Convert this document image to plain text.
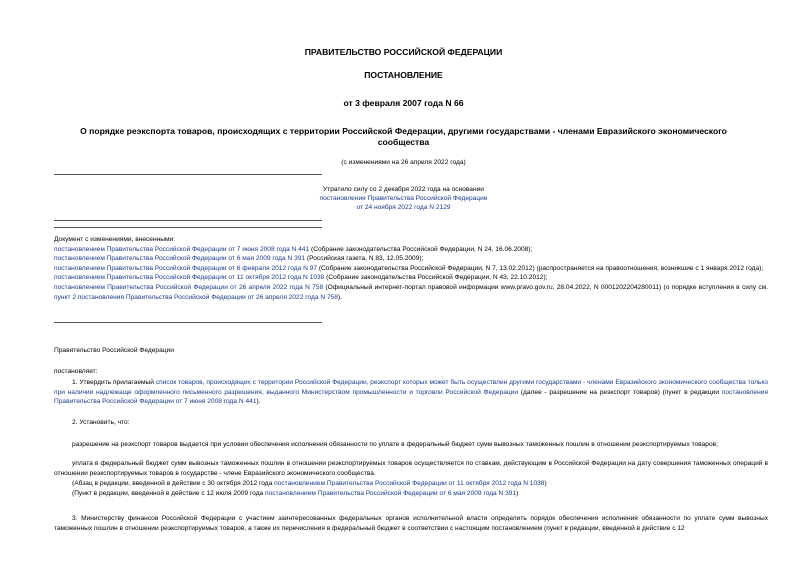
ПРАВИТЕЛЬСТВО РОССИЙСКОЙ ФЕДЕРАЦИИ
ПОСТАНОВЛЕНИЕ
от 3 февраля 2007 года N 66
О порядке реэкспорта товаров, происходящих с территории Российской Федерации, другими государствами - членами Евразийского экономического
сообщества
(с изменениями на 26 апреля 2022 года)
Утратило силу со 2 декабря 2022 года на основании
постановления Правительства Российской Федерации
от 24 ноября 2022 года N 2129
Документ с изменениями, внесенными:
постановлением Правительства Российской Федерации от 7 июня 2008 года N 441 (Собрание законодательства Российской Федерации, N 24, 16.06.2008);
постановлением Правительства Российской Федерации от 6 мая 2009 года N 391 (Российская газета, N 83, 12.05.2009);
постановлением Правительства Российской Федерации от 6 февраля 2012 года N 97 (Собрание законодательства Российской Федерации, N 7, 13.02.2012) (распространяется на правоотношения, возникшие с 1 января 2012 года);
постановлением Правительства Российской Федерации от 11 октября 2012 года N 1038 (Собрание законодательства Российской Федерации, N 43, 22.10.2012);
постановлением Правительства Российской Федерации от 26 апреля 2022 года N 758 (Официальный интернет-портал правовой информации www.pravo.gov.ru, 28.04.2022, N 0001202204280011) (о порядке вступления в силу см. пункт 2 постановления Правительства Российской Федерации от 26 апреля 2022 года N 758).
Правительство Российской Федерации
постановляет:
1. Утвердить прилагаемый список товаров, происходящих с территории Российской Федерации, реэкспорт которых может быть осуществлен другими государствами - членами Евразийского экономического сообщества только при наличии надлежаще оформленного письменного разрешения, выданного Министерством промышленности и торговли Российской Федерации (далее - разрешение на реэкспорт товаров) (пункт в редакции постановления Правительства Российской Федерации от 7 июня 2008 года N 441).
2. Установить, что:
разрешение на реэкспорт товаров выдается при условии обеспечения исполнения обязанности по уплате в федеральный бюджет сумм вывозных таможенных пошлин в отношении реэкспортируемых товаров;
уплата в федеральный бюджет сумм вывозных таможенных пошлин в отношении реэкспортируемых товаров осуществляется по ставкам, действующим в Российской Федерации на дату совершения таможенных операций в отношении реэкспортируемых товаров в государстве - члене Евразийского экономического сообщества.
(Абзац в редакции, введенной в действие с 30 октября 2012 года постановлением Правительства Российской Федерации от 11 октября 2012 года N 1038)
(Пункт в редакции, введенной в действие с 12 июля 2009 года постановлением Правительства Российской Федерации от 6 мая 2009 года N 391)
3. Министерству финансов Российской Федерации с участием заинтересованных федеральных органов исполнительной власти определить порядок обеспечения исполнения обязанности по уплате сумм вывозных таможенных пошлин в отношении реэкспортируемых товаров, а также их перечисления в федеральный бюджет в соответствии с настоящим постановлением (пункт в редакции, введенной в действие с 12
